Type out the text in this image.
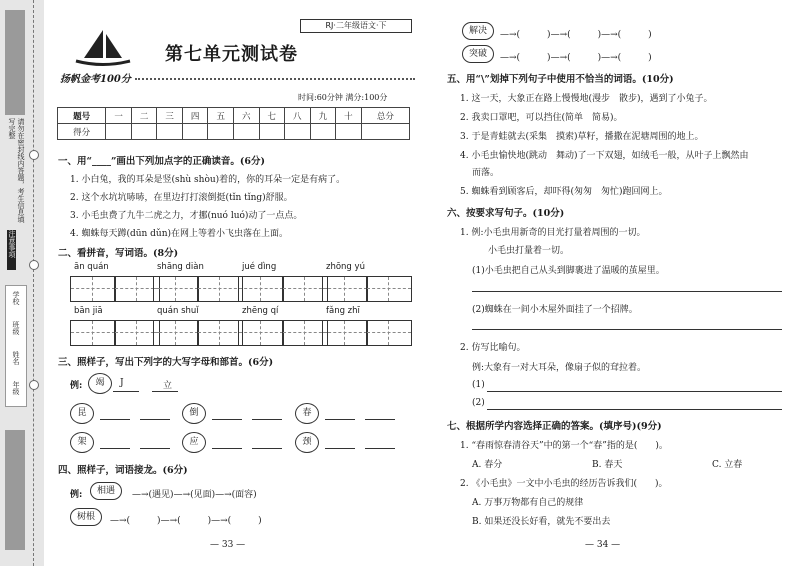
请勿在密封线内答题，考生信息填写完整
注意事项
学校
班级
姓名
年级
扬帆金考100分
RJ·二年级语文·下
第七单元测试卷
时间:60分钟 满分:100分
题号	一	二	三	四	五	六	七	八	九	十	总分
得分											
一、用“____”画出下列加点字的正确读音。(6分)
1. 小白兔，我的耳朵是竖(shù shòu)着的，你的耳朵一定是有病了。
2. 这个水坑坑哧哧，在里边打打滚倒挺(tǐn tǐng)舒服。
3. 小毛虫费了九牛二虎之力，才挪(nuó luó)动了一点点。
4. 蜘蛛每天蹲(dūn dǔn)在网上等着小飞虫落在上面。
二、看拼音，写词语。(8分)
ān quán	shāng diàn	jué dìng	zhōng yú
bān jiā	quán shuǐ	zhēng qí	fǎng zhī
三、照样子，写出下列字的大写字母和部首。(6分)
例:	竭	J	立
昆	倒	春
架	应	颈
四、照样子，词语接龙。(6分)
例:	相遇	—→(遇见)—→(见面)—→(面容)
树根	—→(　　　)—→(　　　)—→(　　　)
— 33 —
解决	—→(　　　)—→(　　　)—→(　　　)
突破	—→(　　　)—→(　　　)—→(　　　)
五、用“\”划掉下列句子中使用不恰当的词语。(10分)
1. 这一天，大象正在路上慢慢地(漫步　散步)，遇到了小兔子。
2. 我卖口罩吧，可以挡住(简单　简易)。
3. 于是青蛙就去(采集　摸索)草籽，播撒在泥塘周围的地上。
4. 小毛虫愉快地(跳动　舞动)了一下双翅，如绒毛一般，从叶子上飘然由
而落。
5. 蜘蛛看到顾客后，却吓得(匆匆　匆忙)跑回网上。
六、按要求写句子。(10分)
1. 例:小毛虫用新奇的目光打量着周围的一切。
小毛虫打量着一切。
(1)小毛虫把自己从头到脚裹进了温暖的茧屋里。
(2)蜘蛛在一间小木屋外面挂了一个招牌。
2. 仿写比喻句。
例:大象有一对大耳朵，像扇子似的耷拉着。
(1)
(2)
七、根据所学内容选择正确的答案。(填序号)(9分)
1. “春雨惊春清谷天”中的第一个“春”指的是(　　)。
A. 春分	B. 春天	C. 立春
2. 《小毛虫》一文中小毛虫的经历告诉我们(　　)。
A. 万事万物都有自己的规律
B. 如果还没长好看，就先不要出去
— 34 —
